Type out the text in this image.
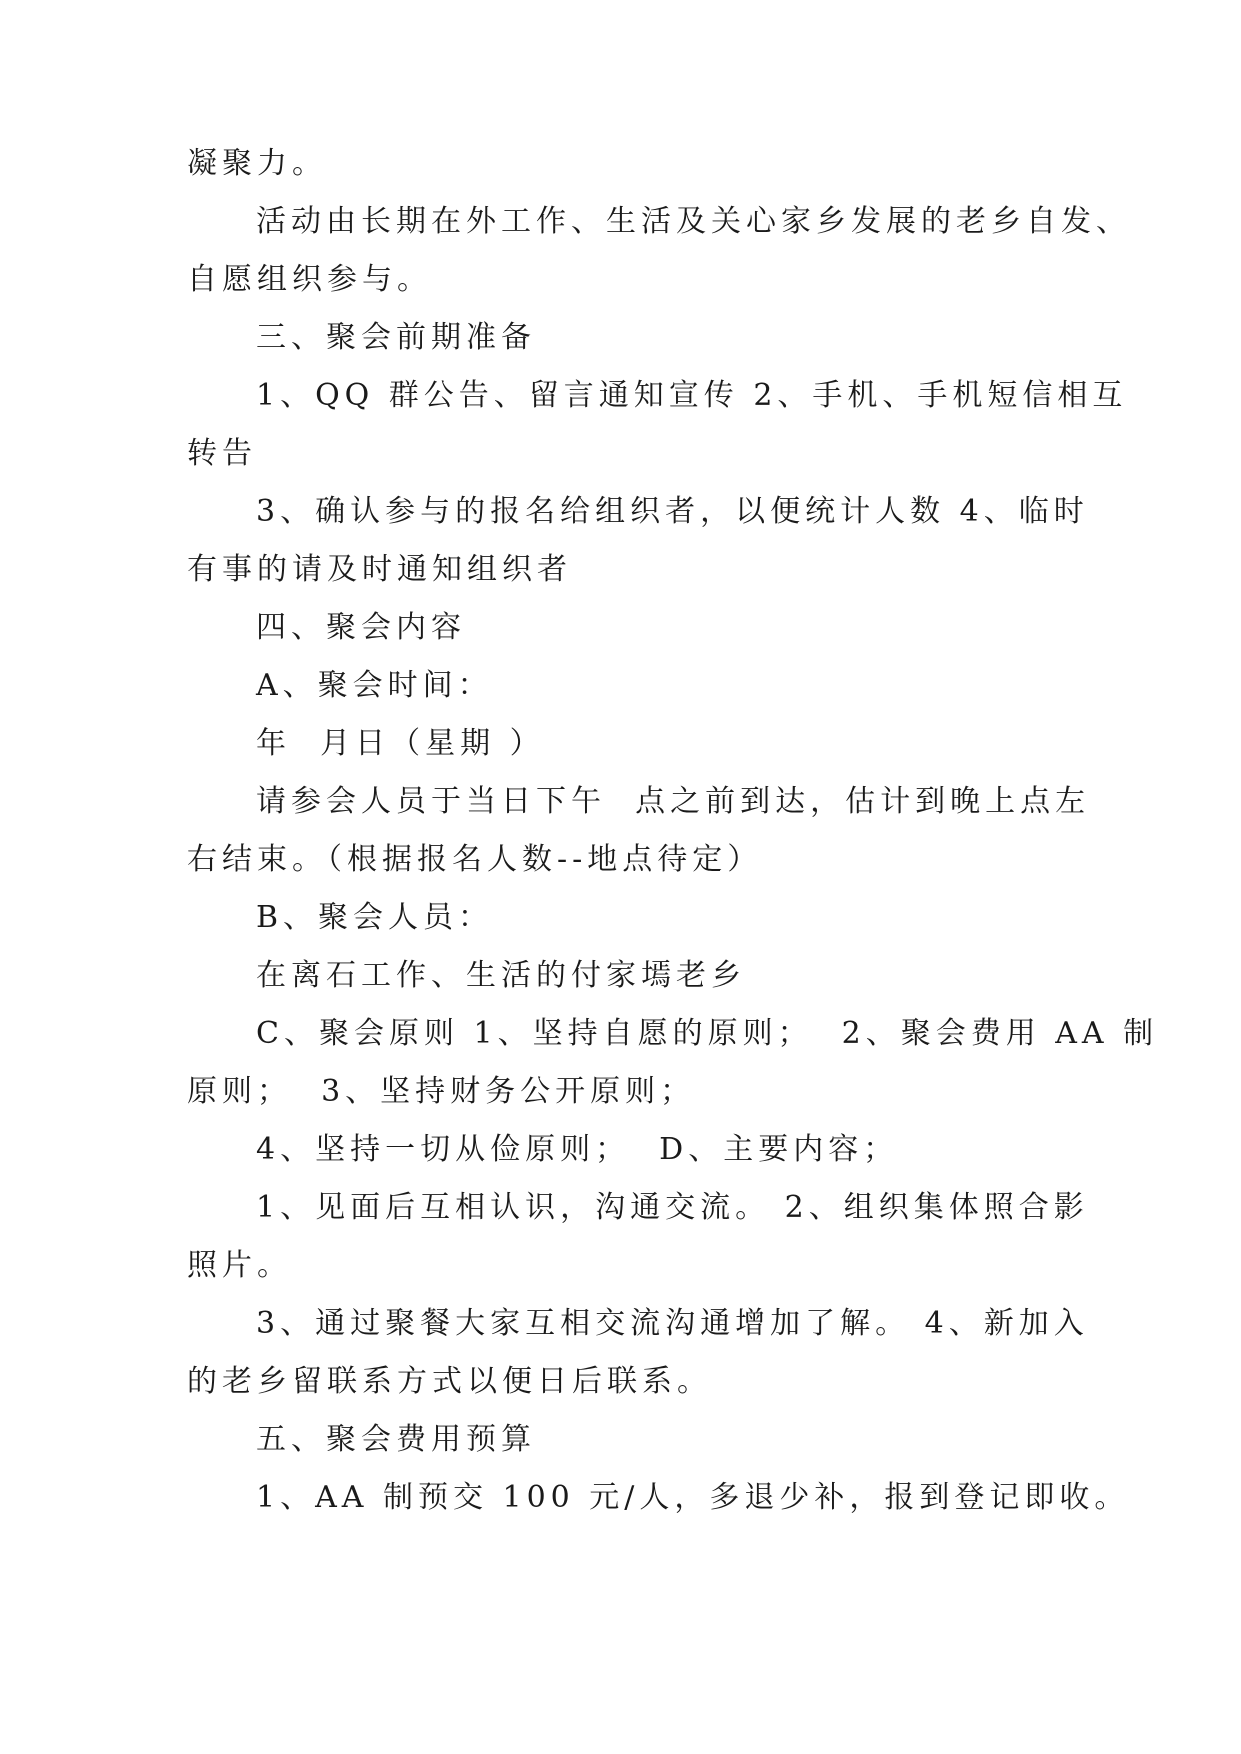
凝聚力。
活动由长期在外工作、生活及关心家乡发展的老乡自发、
自愿组织参与。
三、聚会前期准备
1、QQ 群公告、留言通知宣传 2、手机、手机短信相互
转告
3、确认参与的报名给组织者，以便统计人数 4、临时
有事的请及时通知组织者
四、聚会内容
A、聚会时间：
年  月日（星期 ）
请参会人员于当日下午  点之前到达，估计到晚上点左
右结束。（根据报名人数--地点待定）
B、聚会人员：
在离石工作、生活的付家墕老乡
C、聚会原则 1、坚持自愿的原则；  2、聚会费用 AA 制
原则；  3、坚持财务公开原则；
4、坚持一切从俭原则；  D、主要内容；
1、见面后互相认识，沟通交流。 2、组织集体照合影
照片。
3、通过聚餐大家互相交流沟通增加了解。 4、新加入
的老乡留联系方式以便日后联系。
五、聚会费用预算
1、AA 制预交 100 元/人，多退少补，报到登记即收。
